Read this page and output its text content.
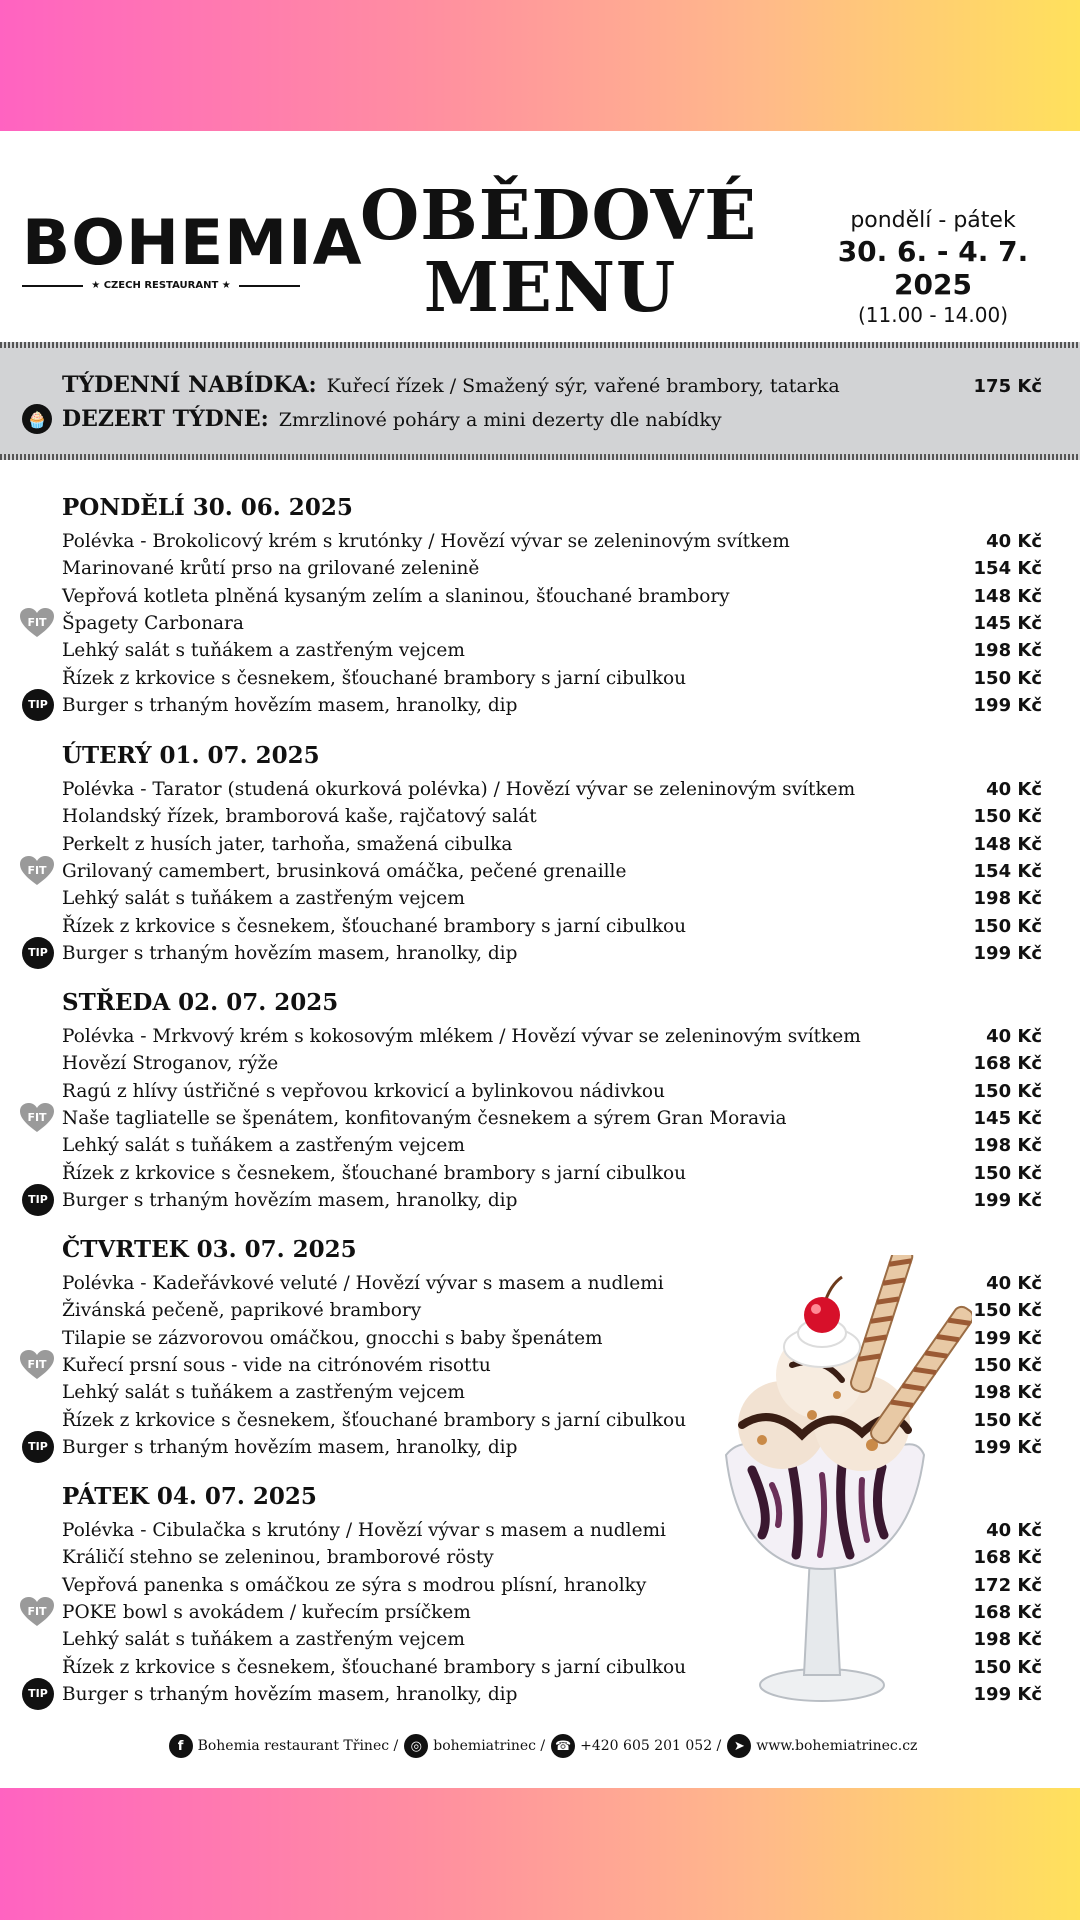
BOHEMIA
★ CZECH RESTAURANT ★
OBĚDOVÉ
MENU
pondělí - pátek
30. 6. - 4. 7. 2025
(11.00 - 14.00)
TÝDENNÍ NABÍDKA: Kuřecí řízek / Smažený sýr, vařené brambory, tatarka	175 Kč
DEZERT TÝDNE: Zmrzlinové poháry a mini dezerty dle nabídky
🧁
PONDĚLÍ 30. 06. 2025
Polévka - Brokolicový krém s krutónky / Hovězí vývar se zeleninovým svítkem	40 Kč
Marinované krůtí prso na grilované zelenině	154 Kč
Vepřová kotleta plněná kysaným zelím a slaninou, šťouchané brambory	148 Kč
Špagety Carbonara	145 Kč
FIT
Lehký salát s tuňákem a zastřeným vejcem	198 Kč
Řízek z krkovice s česnekem, šťouchané brambory s jarní cibulkou	150 Kč
Burger s trhaným hovězím masem, hranolky, dip	199 Kč
TIP
ÚTERÝ 01. 07. 2025
Polévka - Tarator (studená okurková polévka) / Hovězí vývar se zeleninovým svítkem	40 Kč
Holandský řízek, bramborová kaše, rajčatový salát	150 Kč
Perkelt z husích jater, tarhoňa, smažená cibulka	148 Kč
Grilovaný camembert, brusinková omáčka, pečené grenaille	154 Kč
FIT
Lehký salát s tuňákem a zastřeným vejcem	198 Kč
Řízek z krkovice s česnekem, šťouchané brambory s jarní cibulkou	150 Kč
Burger s trhaným hovězím masem, hranolky, dip	199 Kč
TIP
STŘEDA 02. 07. 2025
Polévka - Mrkvový krém s kokosovým mlékem / Hovězí vývar se zeleninovým svítkem	40 Kč
Hovězí Stroganov, rýže	168 Kč
Ragú z hlívy ústřičné s vepřovou krkovicí a bylinkovou nádivkou	150 Kč
Naše tagliatelle se špenátem, konfitovaným česnekem a sýrem Gran Moravia	145 Kč
FIT
Lehký salát s tuňákem a zastřeným vejcem	198 Kč
Řízek z krkovice s česnekem, šťouchané brambory s jarní cibulkou	150 Kč
Burger s trhaným hovězím masem, hranolky, dip	199 Kč
TIP
ČTVRTEK 03. 07. 2025
Polévka - Kadeřávkové veluté / Hovězí vývar s masem a nudlemi	40 Kč
Živánská pečeně, paprikové brambory	150 Kč
Tilapie se zázvorovou omáčkou, gnocchi s baby špenátem	199 Kč
Kuřecí prsní sous - vide na citrónovém risottu	150 Kč
FIT
Lehký salát s tuňákem a zastřeným vejcem	198 Kč
Řízek z krkovice s česnekem, šťouchané brambory s jarní cibulkou	150 Kč
Burger s trhaným hovězím masem, hranolky, dip	199 Kč
TIP
PÁTEK 04. 07. 2025
Polévka - Cibulačka s krutóny / Hovězí vývar s masem a nudlemi	40 Kč
Králičí stehno se zeleninou, bramborové rösty	168 Kč
Vepřová panenka s omáčkou ze sýra s modrou plísní, hranolky	172 Kč
POKE bowl s avokádem / kuřecím prsíčkem	168 Kč
FIT
Lehký salát s tuňákem a zastřeným vejcem	198 Kč
Řízek z krkovice s česnekem, šťouchané brambory s jarní cibulkou	150 Kč
Burger s trhaným hovězím masem, hranolky, dip	199 Kč
TIP
f	Bohemia restaurant Třinec / ◎ bohemiatrinec / ☎ +420 605 201 052 / ➤ www.bohemiatrinec.cz
